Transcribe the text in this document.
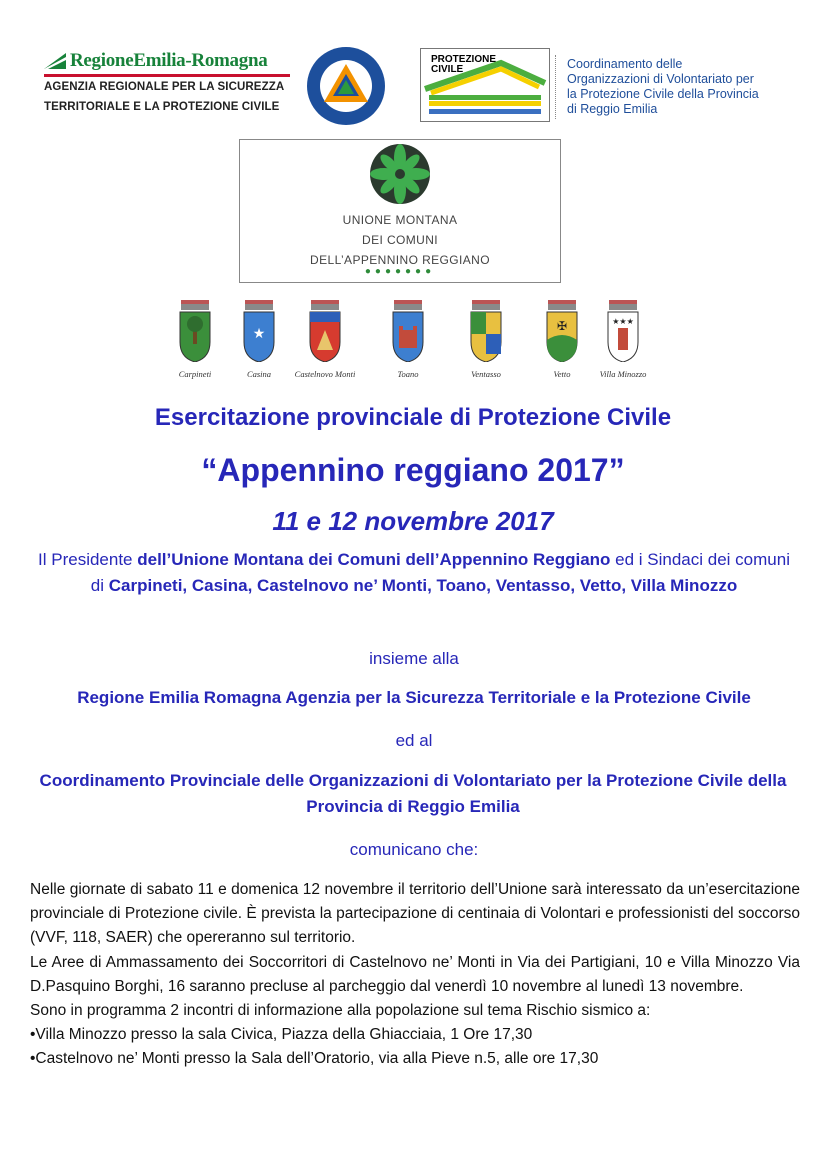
RegioneEmilia-Romagna
AGENZIA REGIONALE PER LA SICUREZZA
TERRITORIALE E LA PROTEZIONE CIVILE
PROTEZIONE
CIVILE	Coordinamento delle
Organizzazioni di Volontariato per
la Protezione Civile della Provincia
di Reggio Emilia
UNIONE MONTANA
DEI COMUNI
DELL’APPENNINO REGGIANO
●●●●●●●
Carpineti
★
Casina	Castelnovo Monti	Toano	Ventasso
✠
Vetto
★★★
Villa Minozzo
Esercitazione provinciale di Protezione Civile
“Appennino reggiano 2017”
11 e 12 novembre 2017
Il Presidente dell’Unione Montana dei Comuni dell’Appennino Reggiano ed i Sindaci dei comuni di Carpineti, Casina, Castelnovo ne’ Monti, Toano, Ventasso, Vetto, Villa Minozzo
insieme alla
Regione Emilia Romagna Agenzia per la Sicurezza Territoriale e la Protezione Civile
ed al
Coordinamento Provinciale delle Organizzazioni di Volontariato per la Protezione Civile della Provincia di Reggio Emilia
comunicano che:

Nelle giornate di sabato 11 e domenica 12 novembre il territorio dell’Unione sarà interessato da un’esercitazione provinciale di Protezione civile. È prevista la partecipazione di centinaia di Volontari e professionisti del soccorso (VVF, 118, SAER) che opereranno sul territorio.

Le Aree di Ammassamento dei Soccorritori di Castelnovo ne’ Monti in Via dei Partigiani, 10 e Villa Minozzo Via D.Pasquino Borghi, 16 saranno precluse al parcheggio dal venerdì 10 novembre al lunedì 13 novembre.

Sono in programma 2 incontri di informazione alla popolazione sul tema Rischio sismico a:

•Villa Minozzo presso la sala Civica, Piazza della Ghiacciaia, 1 Ore 17,30

•Castelnovo ne’ Monti presso la Sala dell’Oratorio, via alla Pieve n.5, alle ore 17,30
